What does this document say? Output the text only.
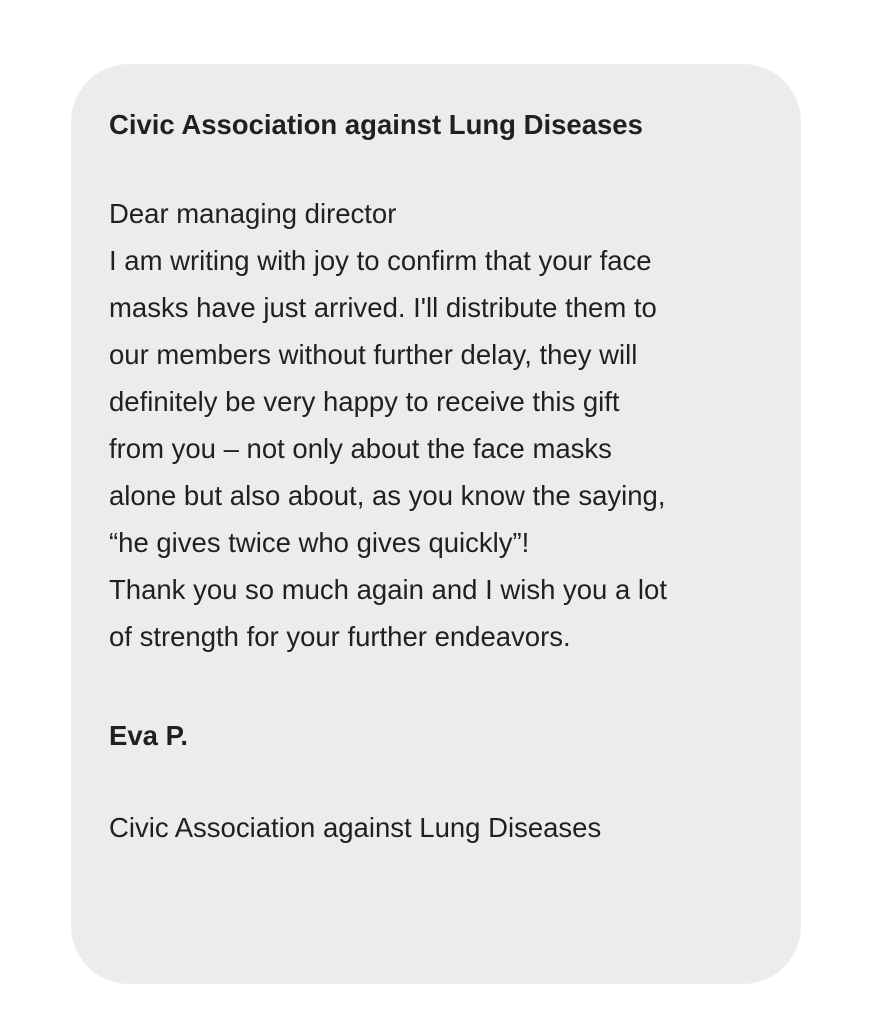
Civic Association against Lung Diseases
Dear managing director
I am writing with joy to confirm that your face
masks have just arrived. I'll distribute them to
our members without further delay, they will
definitely be very happy to receive this gift
from you – not only about the face masks
alone but also about, as you know the saying,
“he gives twice who gives quickly”!
Thank you so much again and I wish you a lot
of strength for your further endeavors.
Eva P.
Civic Association against Lung Diseases
